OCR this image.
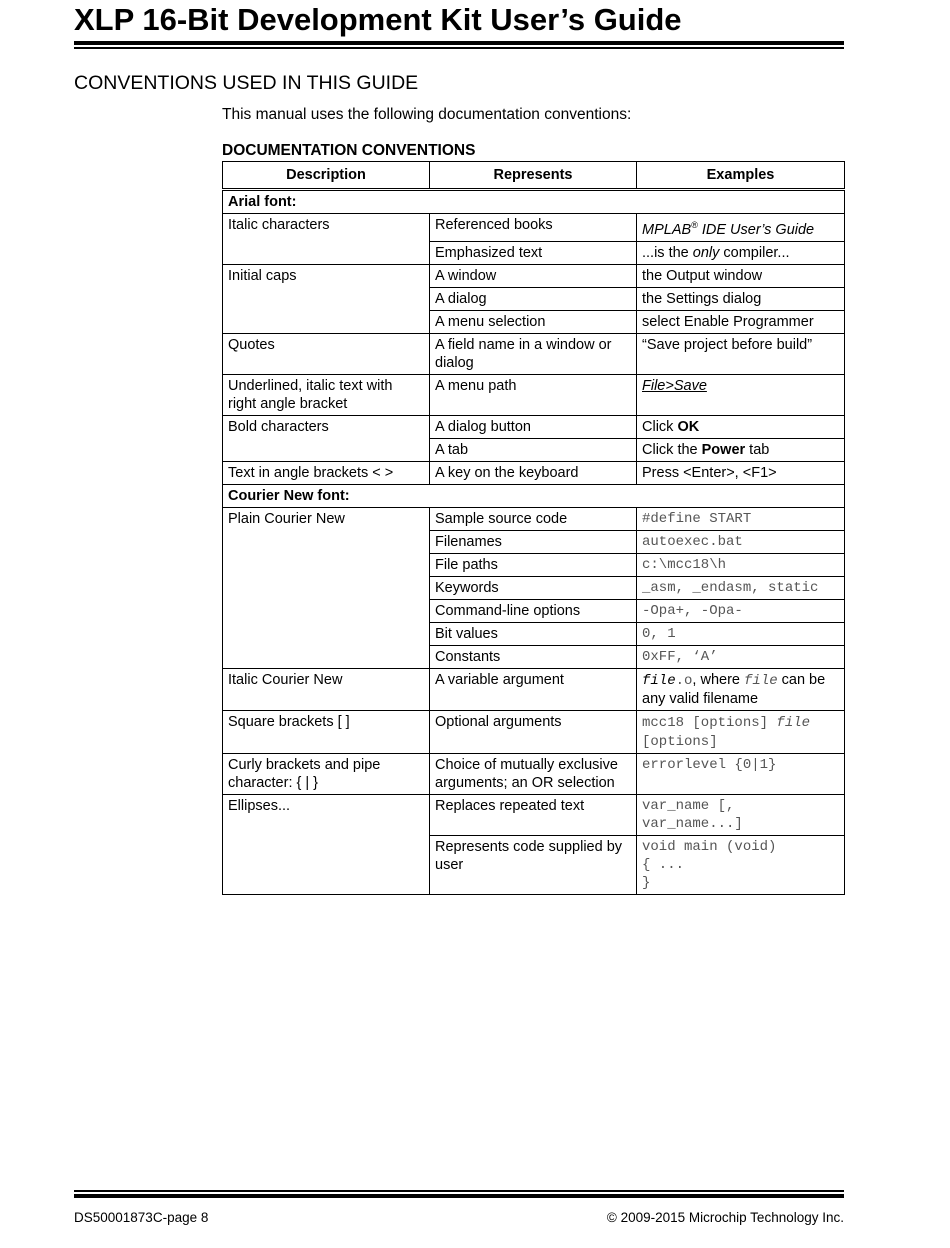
XLP 16-Bit Development Kit User’s Guide
CONVENTIONS USED IN THIS GUIDE
This manual uses the following documentation conventions:
DOCUMENTATION CONVENTIONS
Description	Represents	Examples
Arial font:		
Italic characters	Referenced books	MPLAB® IDE User’s Guide
	Emphasized text	...is the only compiler...
Initial caps	A window	the Output window
	A dialog	the Settings dialog
	A menu selection	select Enable Programmer
Quotes	A field name in a window or dialog	“Save project before build”
Underlined, italic text with right angle bracket	A menu path	File>Save
Bold characters	A dialog button	Click OK
	A tab	Click the Power tab
Text in angle brackets < >	A key on the keyboard	Press <Enter>, <F1>
Courier New font:		
Plain Courier New	Sample source code	#define START
	Filenames	autoexec.bat
	File paths	c:\mcc18\h
	Keywords	_asm, _endasm, static
	Command-line options	-Opa+, -Opa-
	Bit values	0, 1
	Constants	0xFF, ‘A’
Italic Courier New	A variable argument	file.o, where file can be any valid filename
Square brackets [ ]	Optional arguments	mcc18 [options] file [options]
Curly brackets and pipe character: { | }	Choice of mutually exclusive arguments; an OR selection	errorlevel {0|1}
Ellipses...	Replaces repeated text	var_name [, var_name...]
	Represents code supplied by user	void main (void)
{ ...
}
DS50001873C-page 8	© 2009-2015 Microchip Technology Inc.
